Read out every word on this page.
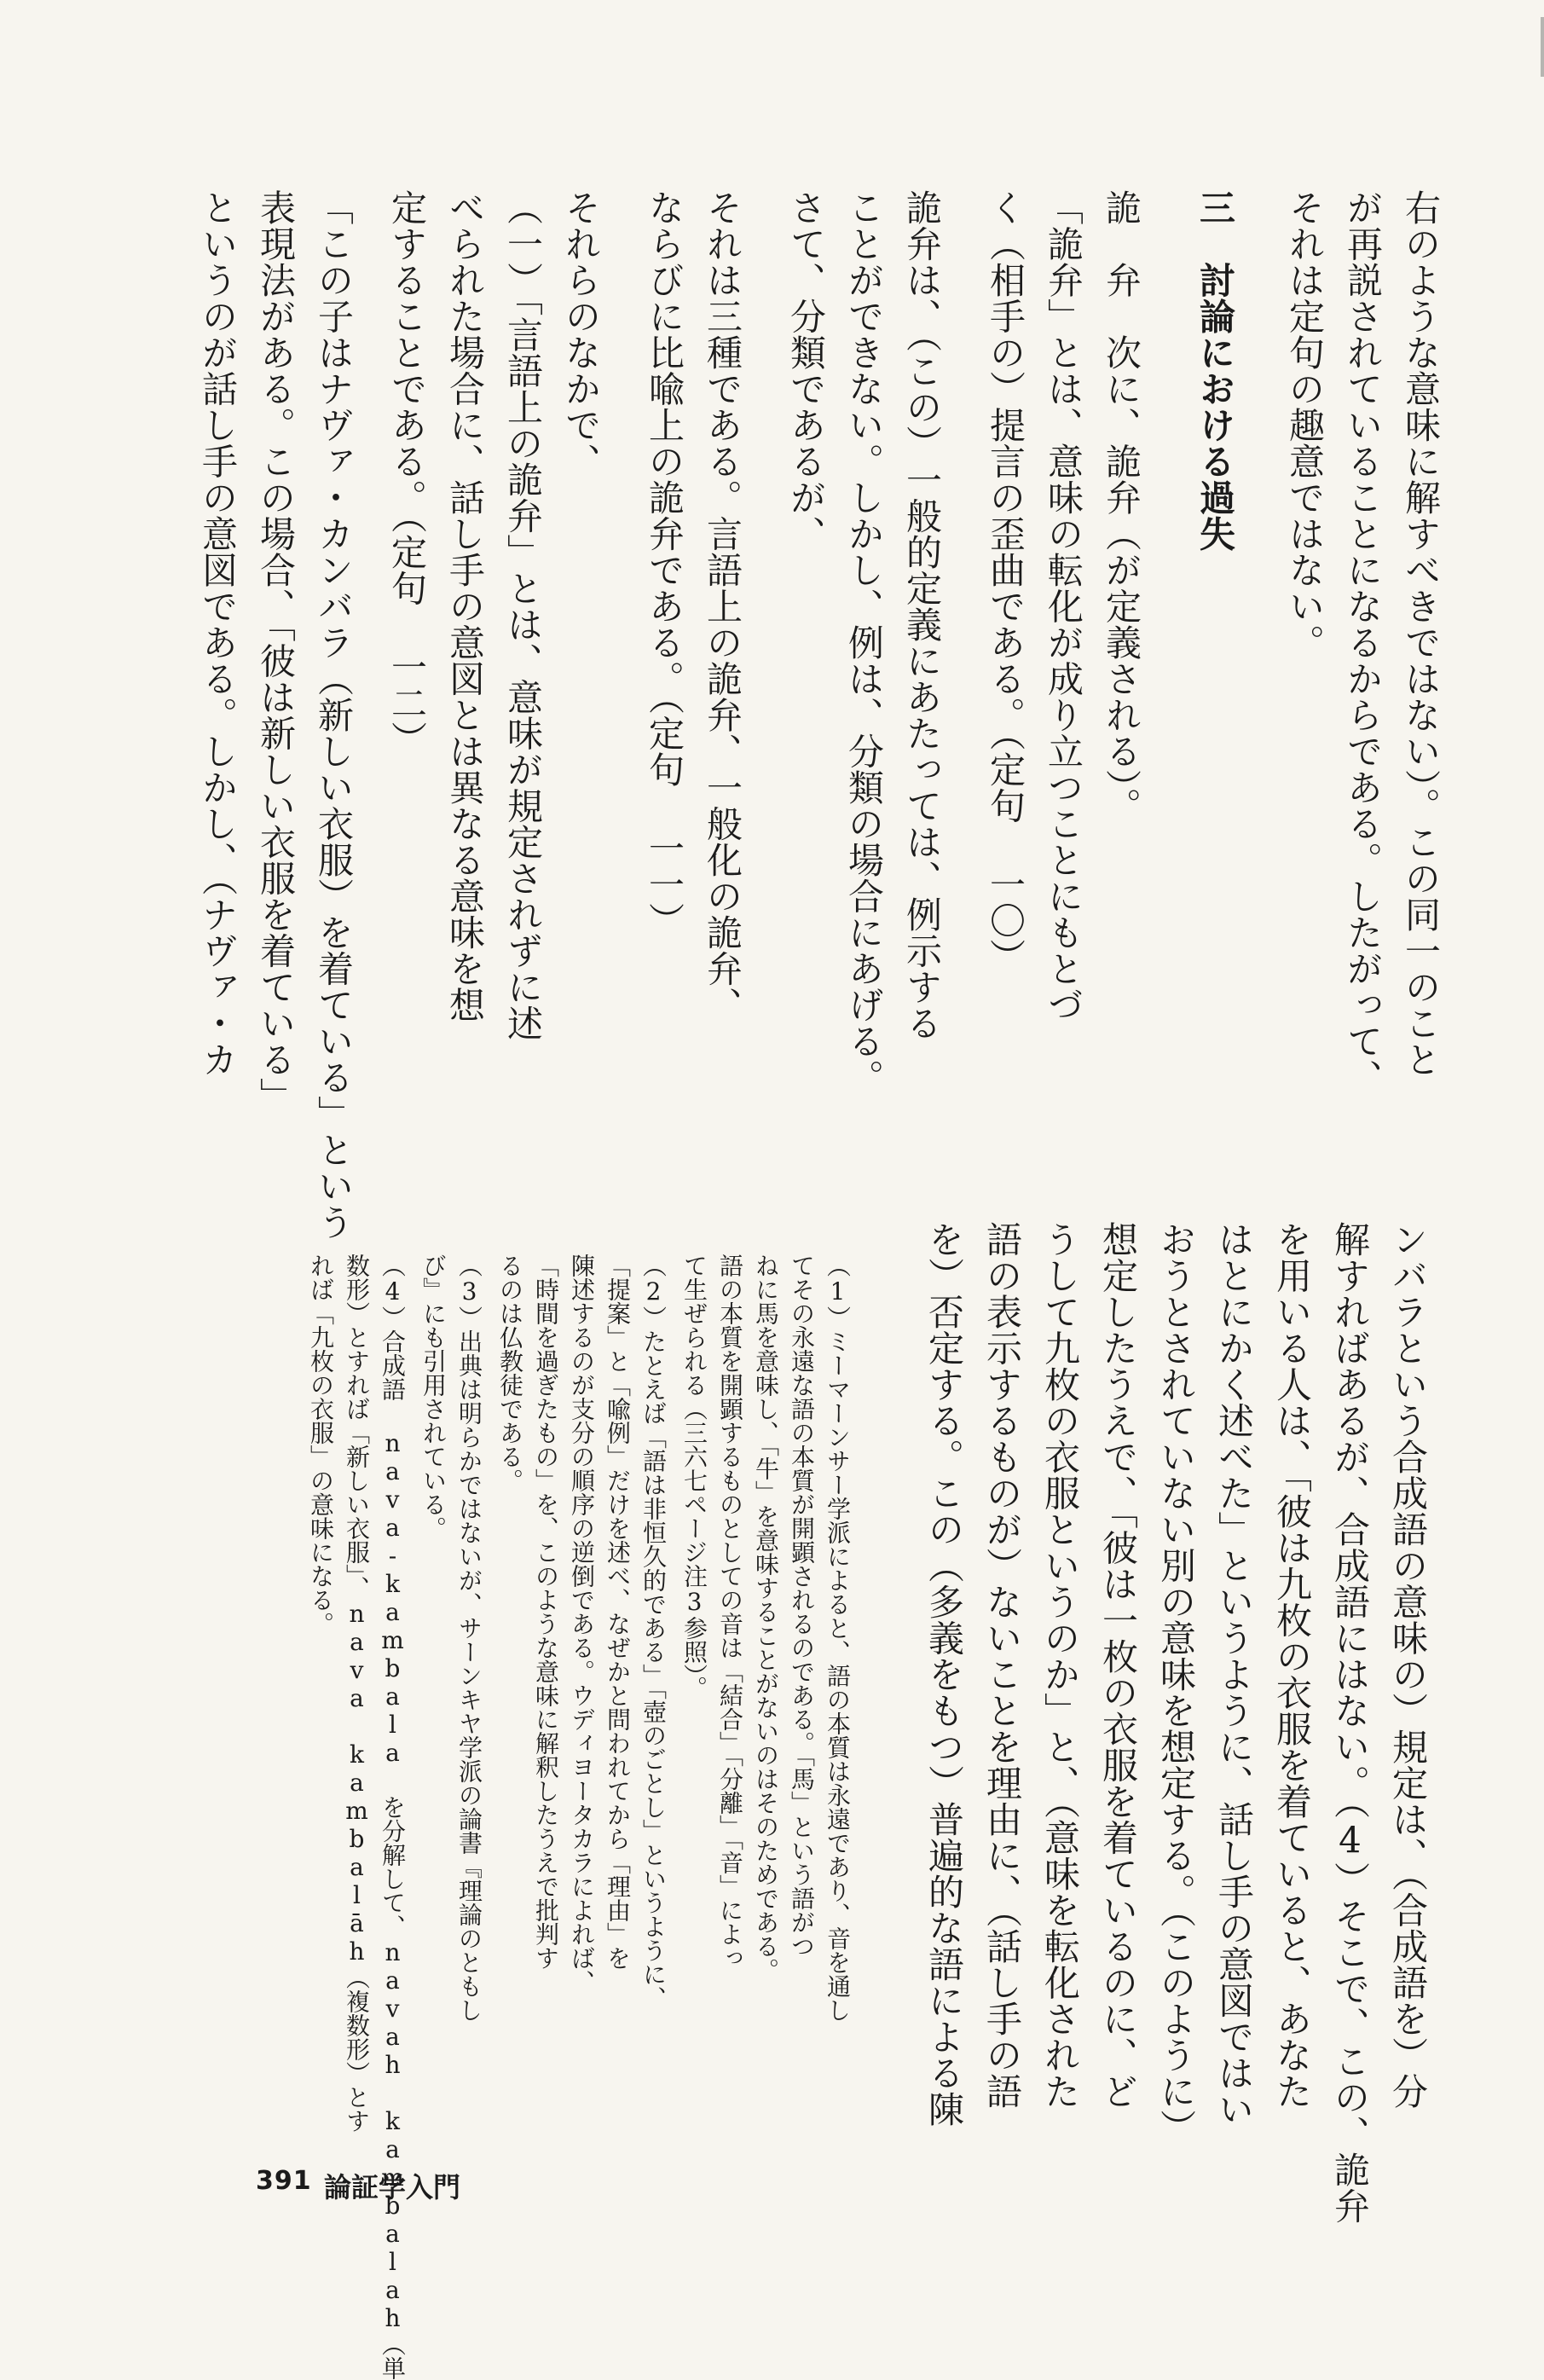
右のような意味に解すべきではない）。この同一のこと
が再説されていることになるからである。したがって、
それは定句の趣意ではない。
三　討論における過失
詭　弁　次に、詭弁（が定義される）。
「詭弁」とは、意味の転化が成り立つことにもとづ
く（相手の）提言の歪曲である。（定句 一〇）
詭弁は、（この）一般的定義にあたっては、例示する
ことができない。しかし、例は、分類の場合にあげる。
さて、分類であるが、
それは三種である。言語上の詭弁、一般化の詭弁、
ならびに比喩上の詭弁である。（定句 一一）
それらのなかで、
（一）「言語上の詭弁」とは、意味が規定されずに述
べられた場合に、話し手の意図とは異なる意味を想
定することである。（定句 一二）
「この子はナヴァ・カンバラ（新しい衣服）を着ている」という
表現法がある。この場合、「彼は新しい衣服を着ている」
というのが話し手の意図である。しかし、（ナヴァ・カ
ンバラという合成語の意味の）規定は、（合成語を）分
解すればあるが、合成語にはない。（4）そこで、この、詭弁
を用いる人は、「彼は九枚の衣服を着ていると、あなた
はとにかく述べた」というように、話し手の意図ではい
おうとされていない別の意味を想定する。（このように）
想定したうえで、「彼は一枚の衣服を着ているのに、ど
うして九枚の衣服というのか」と、（意味を転化された
語の表示するものが）ないことを理由に、（話し手の語
を）否定する。この（多義をもつ）普遍的な語による陳
（1）ミーマーンサー学派によると、語の本質は永遠であり、音を通し
てその永遠な語の本質が開顕されるのである。「馬」という語がつ
ねに馬を意味し、「牛」を意味することがないのはそのためである。
語の本質を開顕するものとしての音は「結合」「分離」「音」によっ
て生ぜられる（三六七ページ注3参照）。
（2）たとえば「語は非恒久的である」「壺のごとし」というように、
「提案」と「喩例」だけを述べ、なぜかと問われてから「理由」を
陳述するのが支分の順序の逆倒である。ウディヨータカラによれば、
「時間を過ぎたもの」を、このような意味に解釈したうえで批判す
るのは仏教徒である。
（3）出典は明らかではないが、サーンキヤ学派の論書『理論のともし
び』にも引用されている。
（4）合成語 nava-kambala を分解して、navah kambalah（単
数形）とすれば「新しい衣服」、nava kambalāh（複数形）とす
れば「九枚の衣服」の意味になる。
391 論証学入門
